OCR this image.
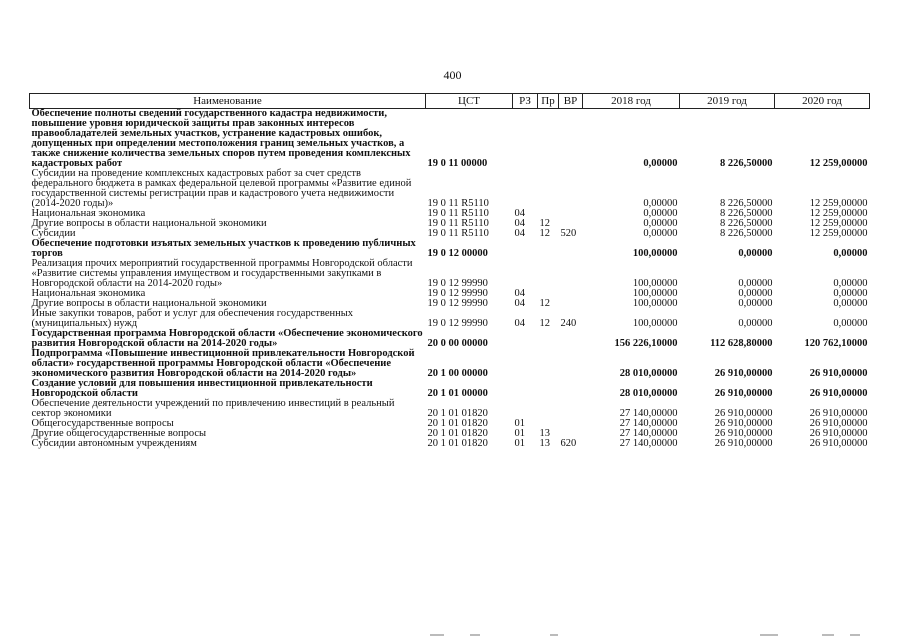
400
Наименование	ЦСТ	РЗ	Пр	ВР	2018 год	2019 год	2020 год
Обеспечение полноты сведений государственного кадастра недвижимости, повышение уровня юридической защиты прав законных интересов правообладателей земельных участков, устранение кадастровых ошибок, допущенных при определении местоположения границ земельных участков, а также снижение количества земельных споров путем проведения комплексных кадастровых работ	19 0 11 00000				0,00000	8 226,50000	12 259,00000
Субсидии на проведение комплексных кадастровых работ за счет средств федерального бюджета в рамках федеральной целевой программы «Развитие единой государственной системы регистрации прав и кадастрового учета недвижимости (2014-2020 годы)»	19 0 11 R5110				0,00000	8 226,50000	12 259,00000
Национальная экономика	19 0 11 R5110	04			0,00000	8 226,50000	12 259,00000
Другие вопросы в области национальной экономики	19 0 11 R5110	04	12		0,00000	8 226,50000	12 259,00000
Субсидии	19 0 11 R5110	04	12	520	0,00000	8 226,50000	12 259,00000
Обеспечение подготовки изъятых земельных участков к проведению публичных торгов	19 0 12 00000				100,00000	0,00000	0,00000
Реализация прочих мероприятий государственной программы Новгородской области «Развитие системы управления имуществом и государственными закупками в Новгородской области на 2014-2020 годы»	19 0 12 99990				100,00000	0,00000	0,00000
Национальная экономика	19 0 12 99990	04			100,00000	0,00000	0,00000
Другие вопросы в области национальной экономики	19 0 12 99990	04	12		100,00000	0,00000	0,00000
Иные закупки товаров, работ и услуг для обеспечения государственных (муниципальных) нужд	19 0 12 99990	04	12	240	100,00000	0,00000	0,00000
Государственная программа Новгородской области «Обеспечение экономического развития Новгородской области на 2014-2020 годы»	20 0 00 00000				156 226,10000	112 628,80000	120 762,10000
Подпрограмма «Повышение инвестиционной привлекательности Новгородской области» государственной программы Новгородской области «Обеспечение экономического развития Новгородской области на 2014-2020 годы»	20 1 00 00000				28 010,00000	26 910,00000	26 910,00000
Создание условий для повышения инвестиционной привлекательности Новгородской области	20 1 01 00000				28 010,00000	26 910,00000	26 910,00000
Обеспечение деятельности учреждений по привлечению инвестиций в реальный сектор экономики	20 1 01 01820				27 140,00000	26 910,00000	26 910,00000
Общегосударственные вопросы	20 1 01 01820	01			27 140,00000	26 910,00000	26 910,00000
Другие общегосударственные вопросы	20 1 01 01820	01	13		27 140,00000	26 910,00000	26 910,00000
Субсидии автономным учреждениям	20 1 01 01820	01	13	620	27 140,00000	26 910,00000	26 910,00000
